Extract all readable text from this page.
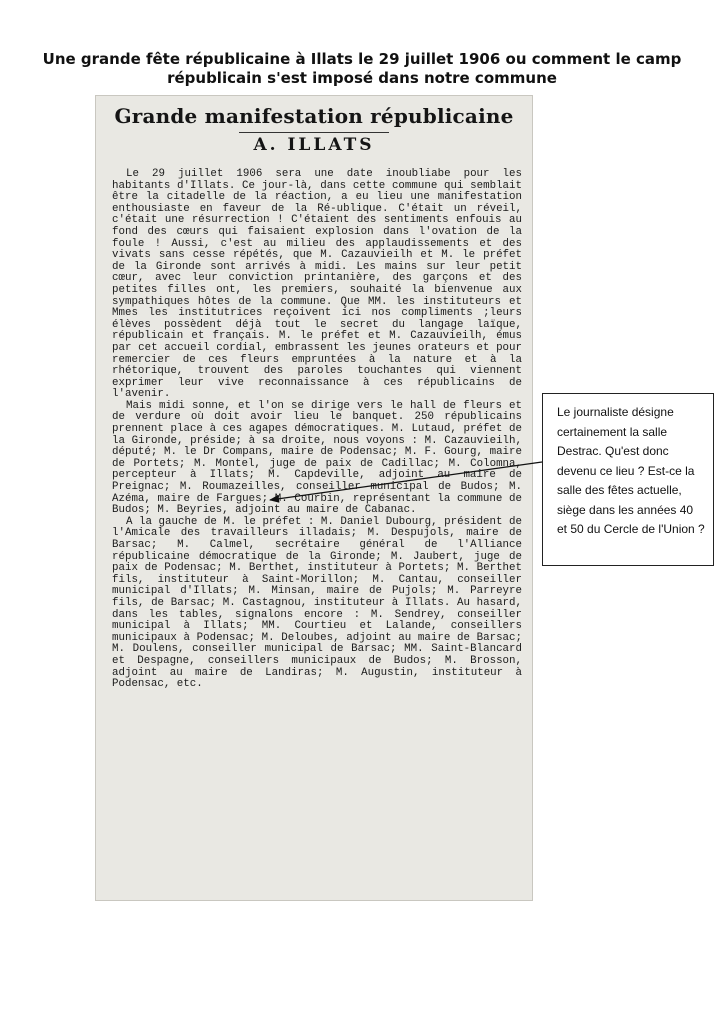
Une grande fête républicaine à Illats le 29 juillet 1906 ou comment le camp
républicain s'est imposé dans notre commune
Grande manifestation républicaine
A. ILLATS

Le 29 juillet 1906 sera une date inoubliabe pour les habitants d'Illats. Ce jour-là, dans cette commune qui semblait être la citadelle de la réaction, a eu lieu une manifestation enthousiaste en faveur de la Ré-ublique. C'était un réveil, c'était une résurrection ! C'étaient des sentiments enfouis au fond des cœurs qui faisaient explosion dans l'ovation de la foule ! Aussi, c'est au milieu des applaudissements et des vivats sans cesse répétés, que M. Cazauvieilh et M. le préfet de la Gironde sont arrivés à midi. Les mains sur leur petit cœur, avec leur conviction printanière, des garçons et des petites filles ont, les premiers, souhaité la bienvenue aux sympathiques hôtes de la commune. Que MM. les instituteurs et Mmes les institutrices reçoivent ici nos compliments ;leurs élèves possèdent déjà tout le secret du langage laïque, républicain et français. M. le préfet et M. Cazauvieilh, émus par cet accueil cordial, embrassent les jeunes orateurs et pour remercier de ces fleurs empruntées à la nature et à la rhétorique, trouvent des paroles touchantes qui viennent exprimer leur vive reconnaissance à ces républicains de l'avenir.

Mais midi sonne, et l'on se dirige vers le hall de fleurs et de verdure où doit avoir lieu le banquet. 250 républicains prennent place à ces agapes démocratiques. M. Lutaud, préfet de la Gironde, préside; à sa droite, nous voyons : M. Cazauvieilh, député; M. le Dr Compans, maire de Podensac; M. F. Gourg, maire de Portets; M. Montel, juge de paix de Cadillac; M. Colomna, percepteur à Illats; M. Capdeville, adjoint au maire de Preignac; M. Roumazeilles, conseiller municipal de Budos; M. Azéma, maire de Fargues; M. Courbin, représentant la commune de Budos; M. Beyries, adjoint au maire de Cabanac.

A la gauche de M. le préfet : M. Daniel Dubourg, président de l'Amicale des travailleurs illadais; M. Despujols, maire de Barsac; M. Calmel, secrétaire général de l'Alliance républicaine démocratique de la Gironde; M. Jaubert, juge de paix de Podensac; M. Berthet, instituteur à Portets; M. Berthet fils, instituteur à Saint-Morillon; M. Cantau, conseiller municipal d'Illats; M. Minsan, maire de Pujols; M. Parreyre fils, de Barsac; M. Castagnou, instituteur à Illats. Au hasard, dans les tables, signalons encore : M. Sendrey, conseiller municipal à Illats; MM. Courtieu et Lalande, conseillers municipaux à Podensac; M. Deloubes, adjoint au maire de Barsac; M. Doulens, conseiller municipal de Barsac; MM. Saint-Blancard et Despagne, conseillers municipaux de Budos; M. Brosson, adjoint au maire de Landiras; M. Augustin, instituteur à Podensac, etc.

Le journaliste désigne certainement la salle Destrac. Qu'est donc devenu ce lieu ? Est-ce la salle des fêtes actuelle, siège dans les années 40 et 50 du Cercle de l'Union ?
